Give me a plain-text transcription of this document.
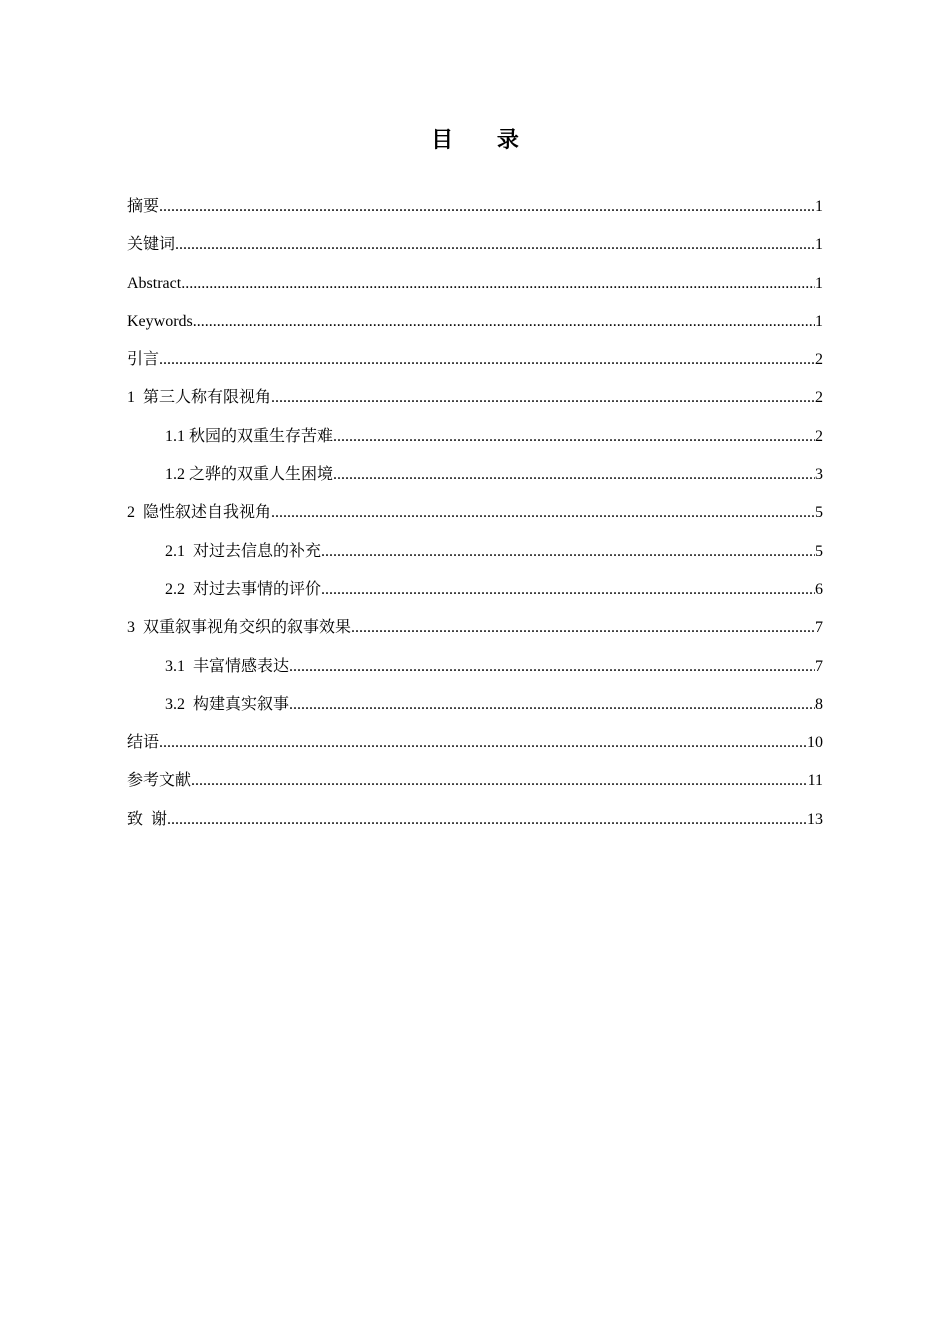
目 录
摘要 .....	1
关键词 .....	1
Abstract .....	1
Keywords .....	1
引言 .....	2
1  第三人称有限视角 .....	2
1.1 秋园的双重生存苦难 .....	2
1.2 之骅的双重人生困境 .....	3
2  隐性叙述自我视角 .....	5
2.1  对过去信息的补充 .....	5
2.2  对过去事情的评价 .....	6
3  双重叙事视角交织的叙事效果 .....	7
3.1  丰富情感表达 .....	7
3.2  构建真实叙事 .....	8
结语 .....	10
参考文献 .....	11
致  谢 .....	13
